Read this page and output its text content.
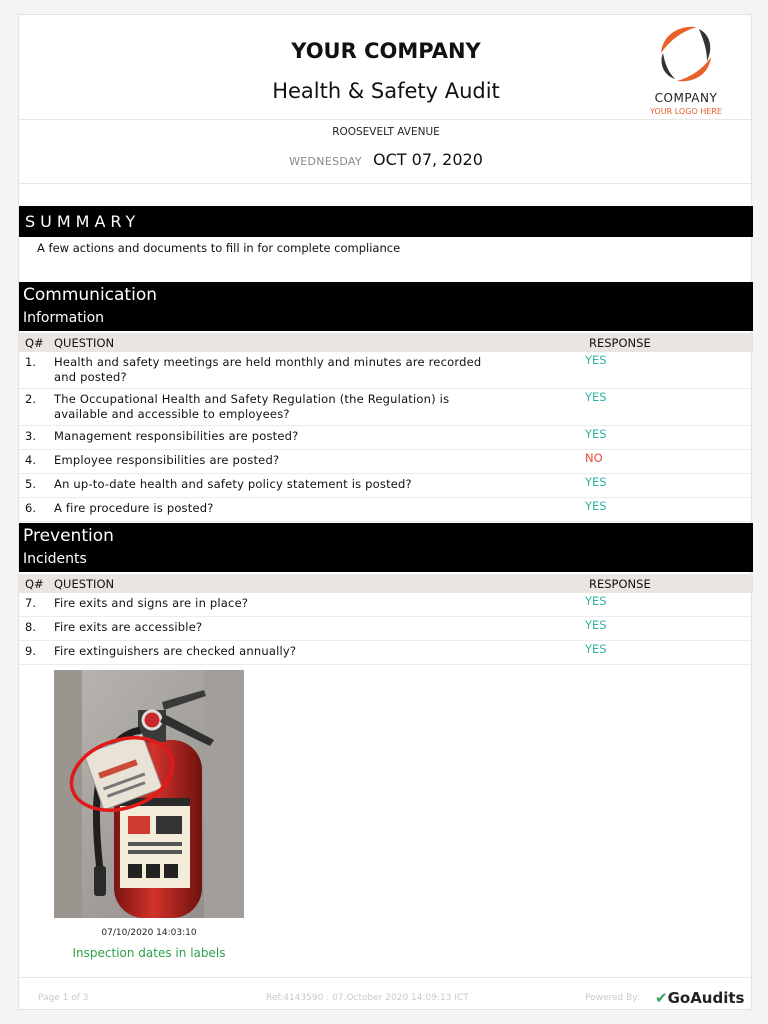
YOUR COMPANY
Health & Safety Audit	COMPANY
YOUR LOGO HERE
ROOSEVELT AVENUE
WEDNESDAY OCT 07, 2020
SUMMARY
A few actions and documents to fill in for complete compliance
Communication
Information
Q# QUESTION	RESPONSE
1. Health and safety meetings are held monthly and minutes are recorded and posted?
YES
2. The Occupational Health and Safety Regulation (the Regulation) is available and accessible to employees?
YES
3. Management responsibilities are posted?	YES
4. Employee responsibilities are posted?	NO
5. An up-to-date health and safety policy statement is posted?	YES
6. A fire procedure is posted?	YES
Prevention
Incidents
Q# QUESTION	RESPONSE
7. Fire exits and signs are in place?	YES
8. Fire exits are accessible?	YES
9. Fire extinguishers are checked annually?	YES
07/10/2020 14:03:10
Inspection dates in labels
Page 1 of 3	Ref:4143590 : 07.October 2020 14:09:13 ICT	Powered By: ✔GoAudits
